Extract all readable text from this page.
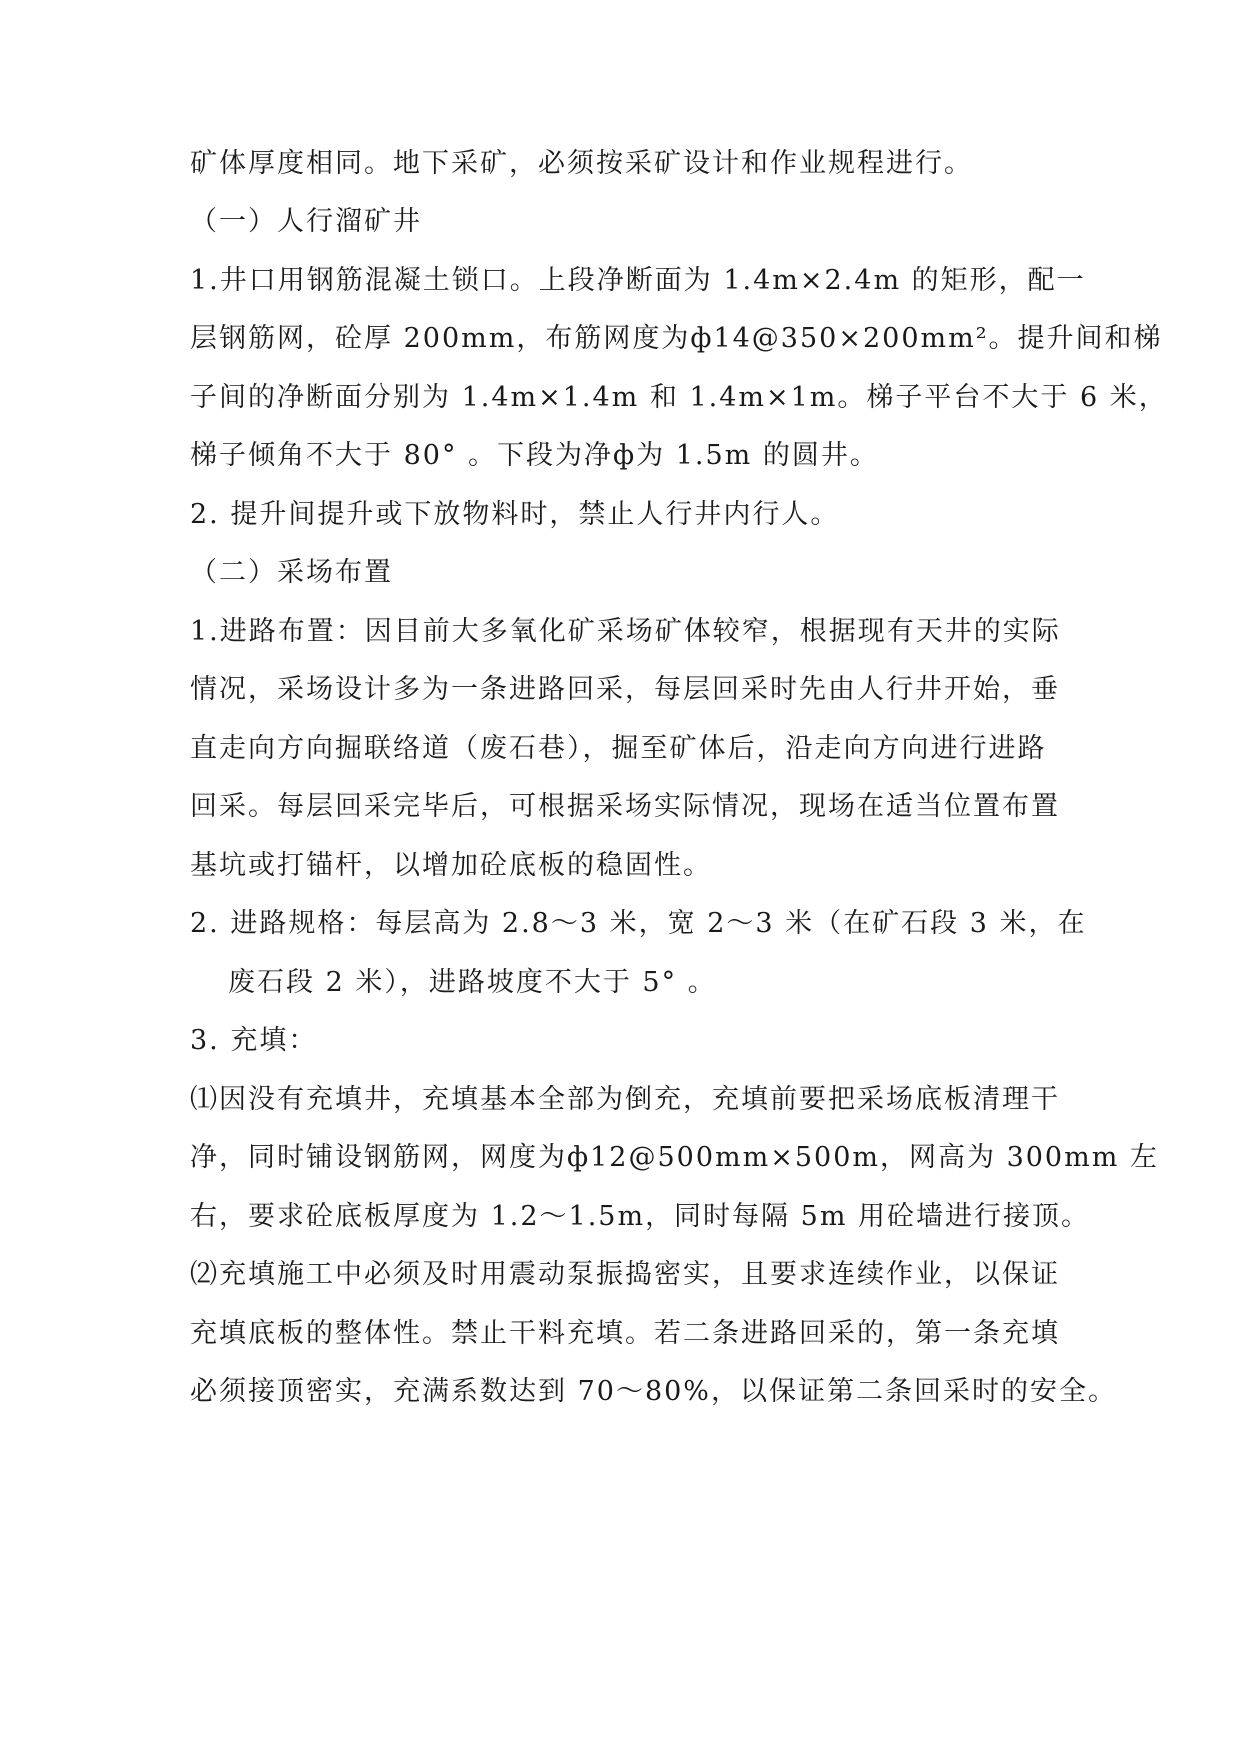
矿体厚度相同。地下采矿，必须按采矿设计和作业规程进行。
（一）人行溜矿井
1.井口用钢筋混凝土锁口。上段净断面为 1.4m×2.4m 的矩形，配一
层钢筋网，砼厚 200mm，布筋网度为ф14@350×200mm²。提升间和梯
子间的净断面分别为 1.4m×1.4m 和 1.4m×1m。梯子平台不大于 6 米，
梯子倾角不大于 80° 。下段为净ф为 1.5m 的圆井。
2. 提升间提升或下放物料时，禁止人行井内行人。
（二）采场布置
1.进路布置：因目前大多氧化矿采场矿体较窄，根据现有天井的实际
情况，采场设计多为一条进路回采，每层回采时先由人行井开始，垂
直走向方向掘联络道（废石巷），掘至矿体后，沿走向方向进行进路
回采。每层回采完毕后，可根据采场实际情况，现场在适当位置布置
基坑或打锚杆，以增加砼底板的稳固性。
2. 进路规格：每层高为 2.8～3 米，宽 2～3 米（在矿石段 3 米，在
废石段 2 米），进路坡度不大于 5° 。
3. 充填：
⑴因没有充填井，充填基本全部为倒充，充填前要把采场底板清理干
净，同时铺设钢筋网，网度为ф12@500mm×500m，网高为 300mm 左
右，要求砼底板厚度为 1.2～1.5m，同时每隔 5m 用砼墙进行接顶。
⑵充填施工中必须及时用震动泵振捣密实，且要求连续作业，以保证
充填底板的整体性。禁止干料充填。若二条进路回采的，第一条充填
必须接顶密实，充满系数达到 70～80%，以保证第二条回采时的安全。
